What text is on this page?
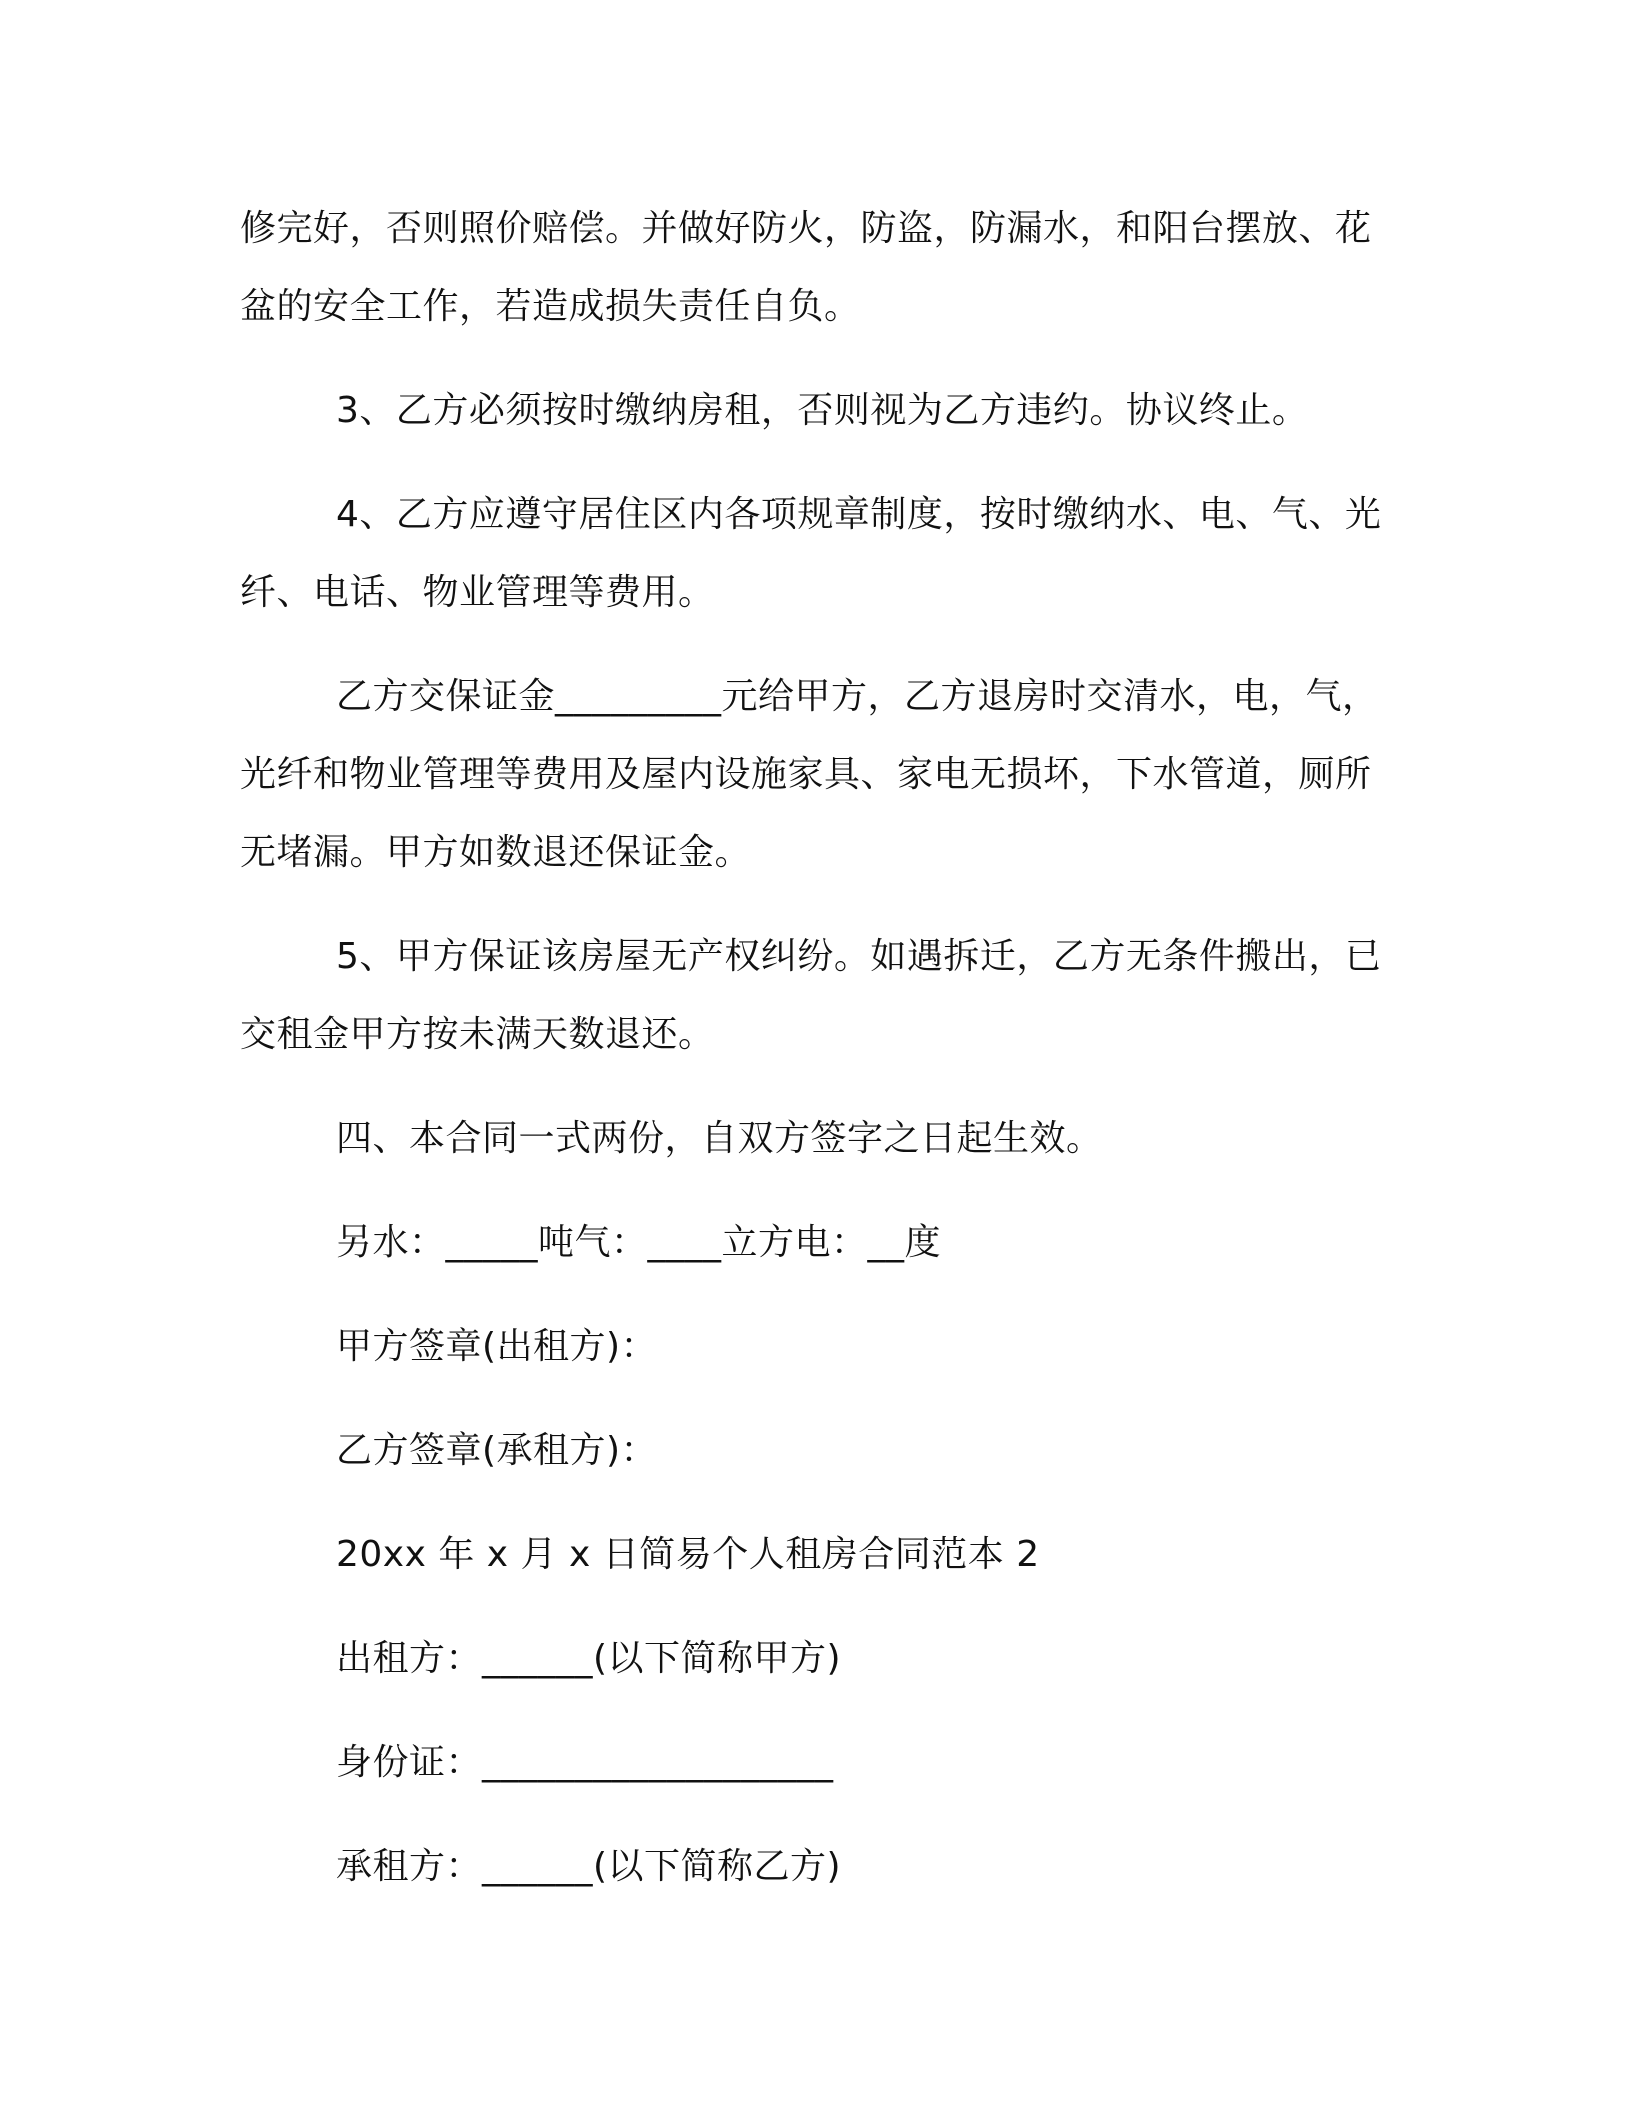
修完好，否则照价赔偿。并做好防火，防盗，防漏水，和阳台摆放、花盆的安全工作，若造成损失责任自负。

3、乙方必须按时缴纳房租，否则视为乙方违约。协议终止。

4、乙方应遵守居住区内各项规章制度，按时缴纳水、电、气、光纤、电话、物业管理等费用。

乙方交保证金_________元给甲方，乙方退房时交清水，电，气，光纤和物业管理等费用及屋内设施家具、家电无损坏，下水管道，厕所无堵漏。甲方如数退还保证金。

5、甲方保证该房屋无产权纠纷。如遇拆迁，乙方无条件搬出，已交租金甲方按未满天数退还。

四、本合同一式两份，自双方签字之日起生效。
另水：_____吨气：____立方电：__度
甲方签章(出租方)：
乙方签章(承租方)：
20xx 年 x 月 x 日简易个人租房合同范本 2
出租方：______(以下简称甲方)
身份证：___________________
承租方：______(以下简称乙方)
